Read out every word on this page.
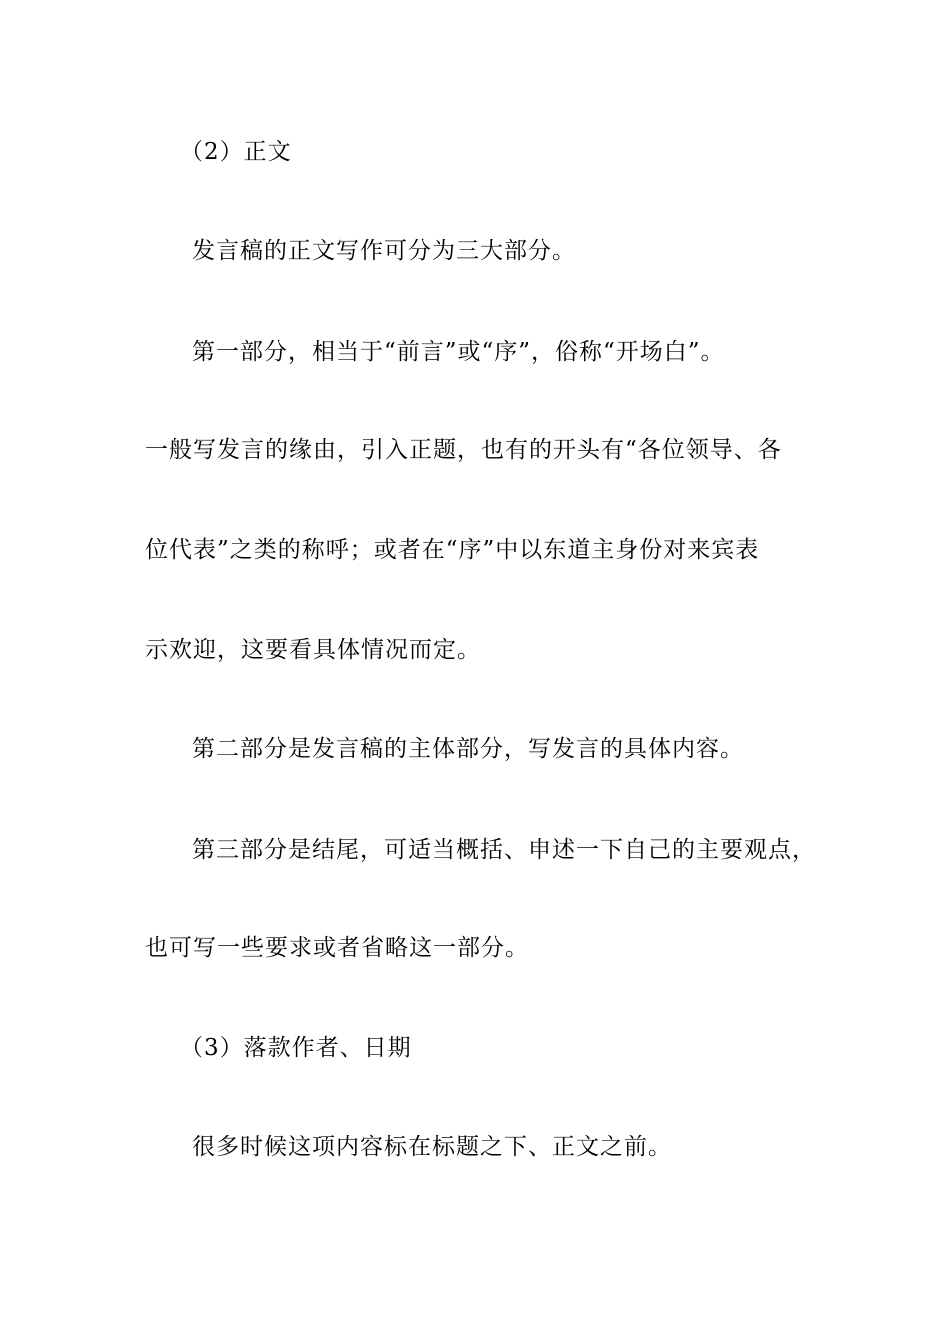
（2）正文
发言稿的正文写作可分为三大部分。
第一部分，相当于“前言”或“序”，俗称“开场白”。
一般写发言的缘由，引入正题，也有的开头有“各位领导、各
位代表”之类的称呼；或者在“序”中以东道主身份对来宾表
示欢迎，这要看具体情况而定。
第二部分是发言稿的主体部分，写发言的具体内容。
第三部分是结尾，可适当概括、申述一下自己的主要观点，
也可写一些要求或者省略这一部分。
（3）落款作者、日期
很多时候这项内容标在标题之下、正文之前。
